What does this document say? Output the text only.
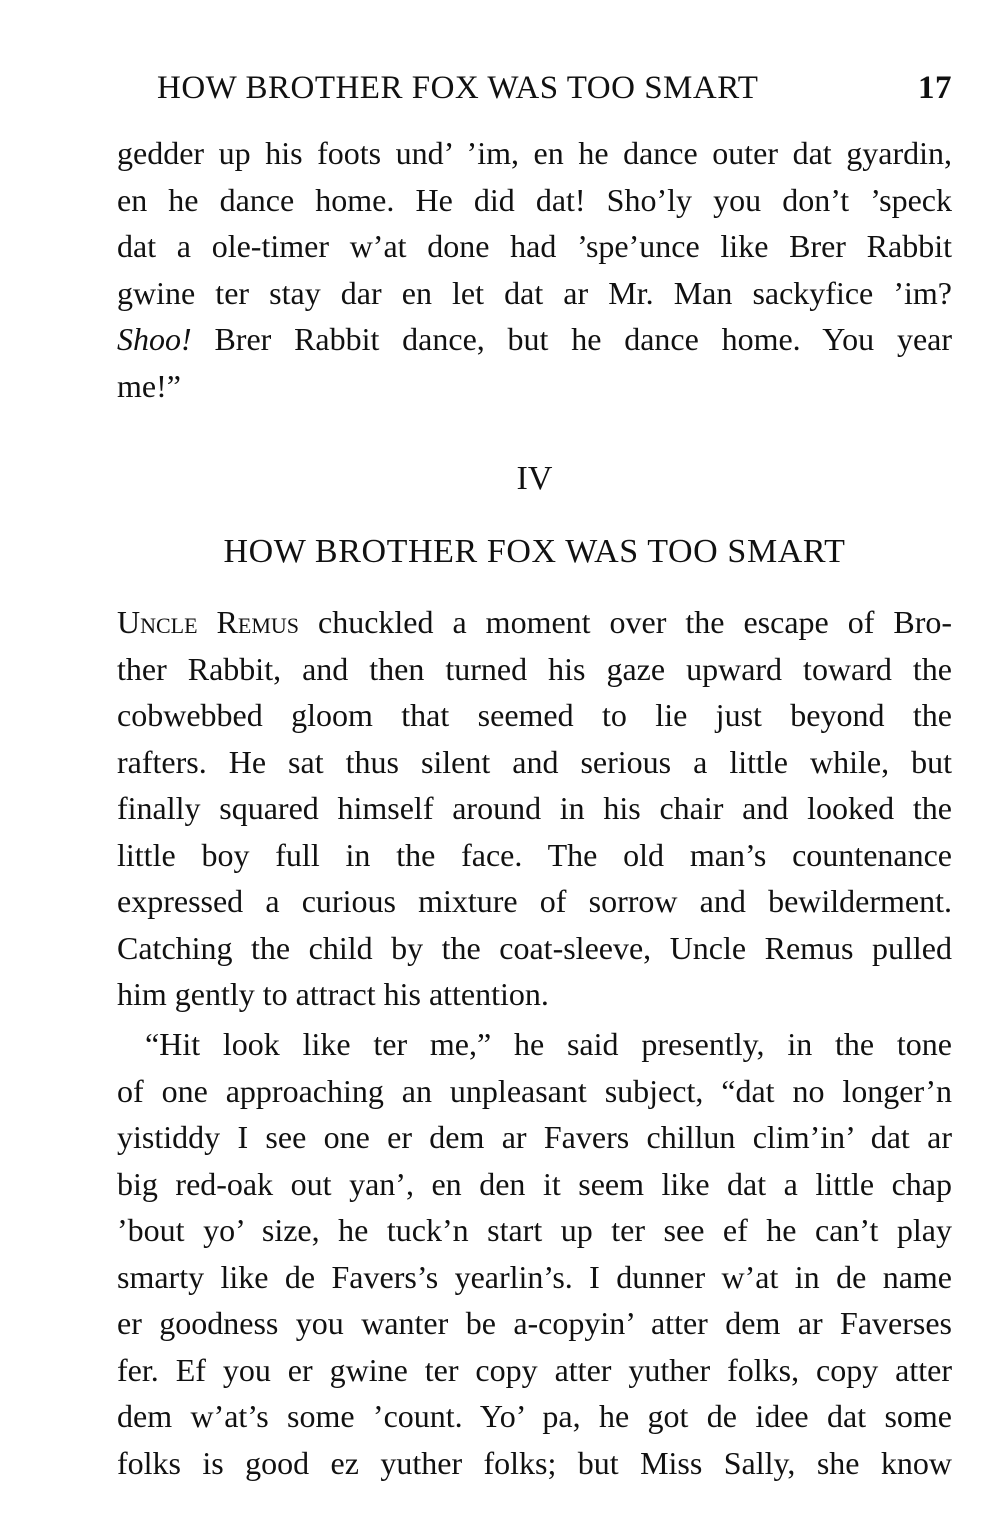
HOW BROTHER FOX WAS TOO SMART	17

gedder up his foots und’ ’im, en he dance outer dat gyardin,
en he dance home. He did dat! Sho’ly you don’t ’speck
dat a ole-timer w’at done had ’spe’unce like Brer Rabbit
gwine ter stay dar en let dat ar Mr. Man sackyfice ’im?
Shoo! Brer Rabbit dance, but he dance home. You year
me!”

IV
HOW BROTHER FOX WAS TOO SMART

Uncle Remus chuckled a moment over the escape of Bro-
ther Rabbit, and then turned his gaze upward toward the
cobwebbed gloom that seemed to lie just beyond the
rafters. He sat thus silent and serious a little while, but
finally squared himself around in his chair and looked the
little boy full in the face. The old man’s countenance
expressed a curious mixture of sorrow and bewilderment.
Catching the child by the coat-sleeve, Uncle Remus pulled
him gently to attract his attention.

“Hit look like ter me,” he said presently, in the tone
of one approaching an unpleasant subject, “dat no longer’n
yistiddy I see one er dem ar Favers chillun clim’in’ dat ar
big red-oak out yan’, en den it seem like dat a little chap
’bout yo’ size, he tuck’n start up ter see ef he can’t play
smarty like de Favers’s yearlin’s. I dunner w’at in de name
er goodness you wanter be a-copyin’ atter dem ar Faverses
fer. Ef you er gwine ter copy atter yuther folks, copy atter
dem w’at’s some ’count. Yo’ pa, he got de idee dat some
folks is good ez yuther folks; but Miss Sally, she know
